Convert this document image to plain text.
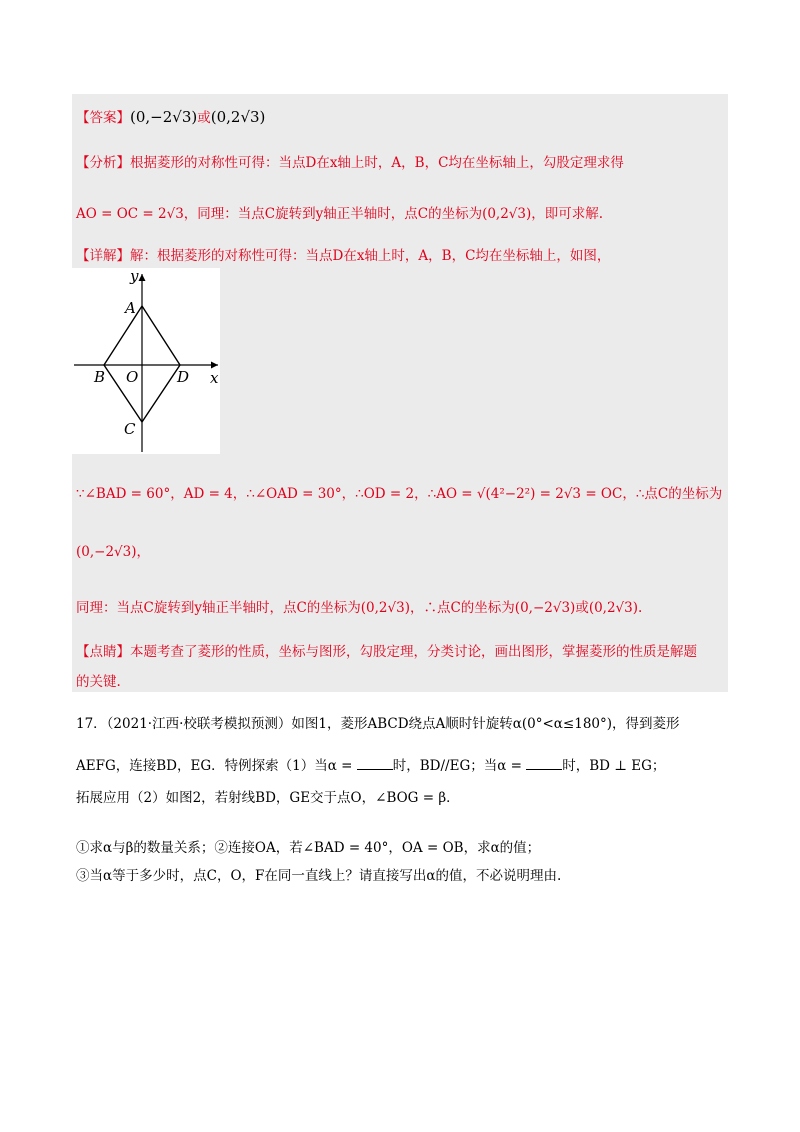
【答案】(0,−2√3)或(0,2√3)
【分析】根据菱形的对称性可得：当点D在x轴上时，A，B，C均在坐标轴上，勾股定理求得
AO = OC = 2√3，同理：当点C旋转到y轴正半轴时，点C的坐标为(0,2√3)，即可求解.
【详解】解：根据菱形的对称性可得：当点D在x轴上时，A，B，C均在坐标轴上，如图，
y
x
A
B O	D
C
∵∠BAD = 60°，AD = 4，∴∠OAD = 30°，∴OD = 2，∴AO = √(4²−2²) = 2√3 = OC，∴点C的坐标为
(0,−2√3)，
同理：当点C旋转到y轴正半轴时，点C的坐标为(0,2√3)，∴点C的坐标为(0,−2√3)或(0,2√3).
【点睛】本题考查了菱形的性质，坐标与图形，勾股定理，分类讨论，画出图形，掌握菱形的性质是解题
的关键.
17．（2021·江西·校联考模拟预测）如图1，菱形ABCD绕点A顺时针旋转α(0°<α≤180°)，得到菱形
AEFG，连接BD，EG．特例探索（1）当α =	时，BD//EG；当α =	时，BD ⊥ EG；
拓展应用（2）如图2，若射线BD，GE交于点O，∠BOG = β．
①求α与β的数量关系；②连接OA，若∠BAD = 40°，OA = OB，求α的值；
③当α等于多少时，点C，O，F在同一直线上？请直接写出α的值，不必说明理由.
